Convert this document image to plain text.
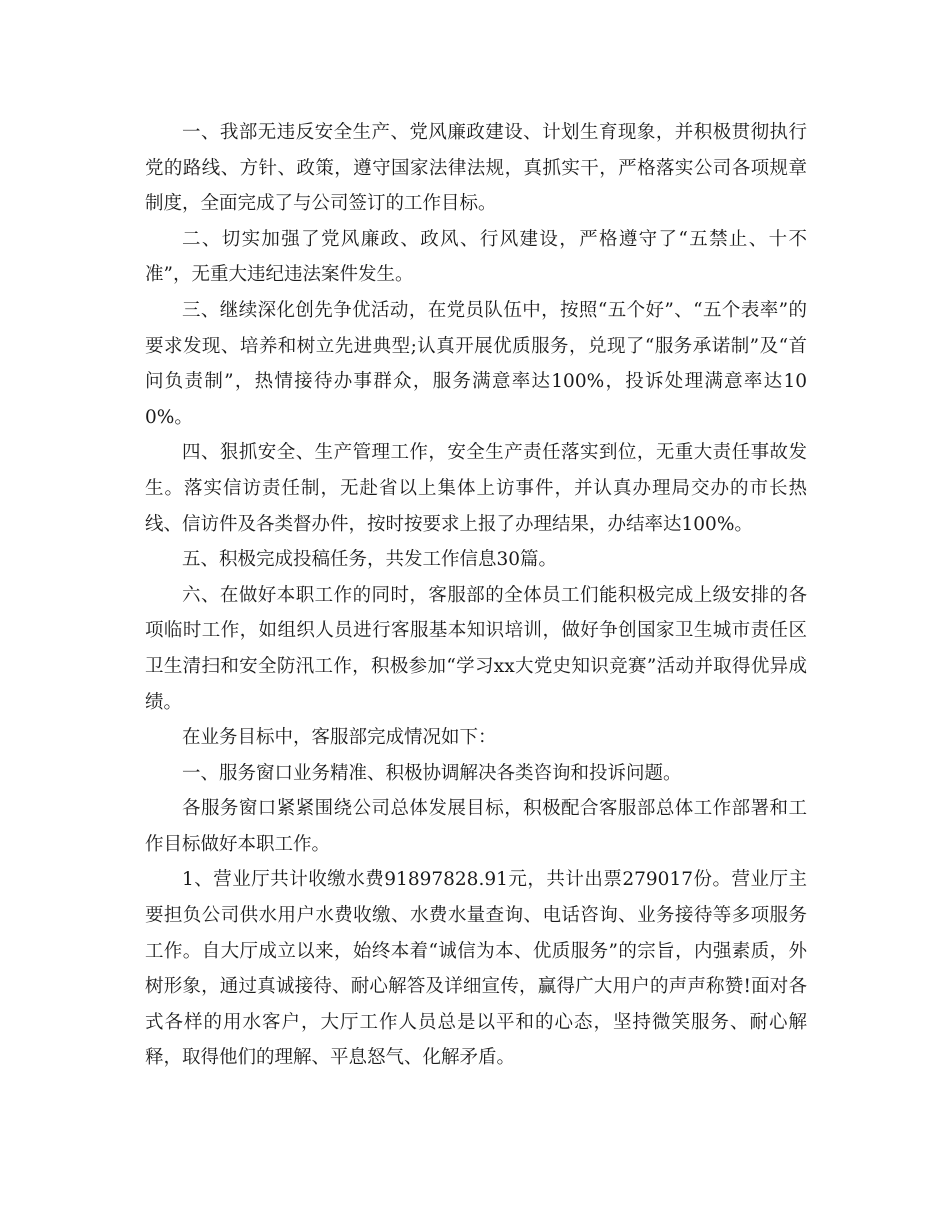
一、我部无违反安全生产、党风廉政建设、计划生育现象，并积极贯彻执行党的路线、方针、政策，遵守国家法律法规，真抓实干，严格落实公司各项规章制度，全面完成了与公司签订的工作目标。

二、切实加强了党风廉政、政风、行风建设，严格遵守了“五禁止、十不准”，无重大违纪违法案件发生。

三、继续深化创先争优活动，在党员队伍中，按照“五个好”、“五个表率”的要求发现、培养和树立先进典型;认真开展优质服务，兑现了“服务承诺制”及“首问负责制”，热情接待办事群众，服务满意率达100%，投诉处理满意率达100%。

四、狠抓安全、生产管理工作，安全生产责任落实到位，无重大责任事故发生。落实信访责任制，无赴省以上集体上访事件，并认真办理局交办的市长热线、信访件及各类督办件，按时按要求上报了办理结果，办结率达100%。

五、积极完成投稿任务，共发工作信息30篇。

六、在做好本职工作的同时，客服部的全体员工们能积极完成上级安排的各项临时工作，如组织人员进行客服基本知识培训，做好争创国家卫生城市责任区卫生清扫和安全防汛工作，积极参加“学习xx大党史知识竞赛”活动并取得优异成绩。

在业务目标中，客服部完成情况如下：

一、服务窗口业务精准、积极协调解决各类咨询和投诉问题。

各服务窗口紧紧围绕公司总体发展目标，积极配合客服部总体工作部署和工作目标做好本职工作。

1、营业厅共计收缴水费91897828.91元，共计出票279017份。营业厅主要担负公司供水用户水费收缴、水费水量查询、电话咨询、业务接待等多项服务工作。自大厅成立以来，始终本着“诚信为本、优质服务”的宗旨，内强素质，外树形象，通过真诚接待、耐心解答及详细宣传，赢得广大用户的声声称赞!面对各式各样的用水客户，大厅工作人员总是以平和的心态，坚持微笑服务、耐心解释，取得他们的理解、平息怒气、化解矛盾。
